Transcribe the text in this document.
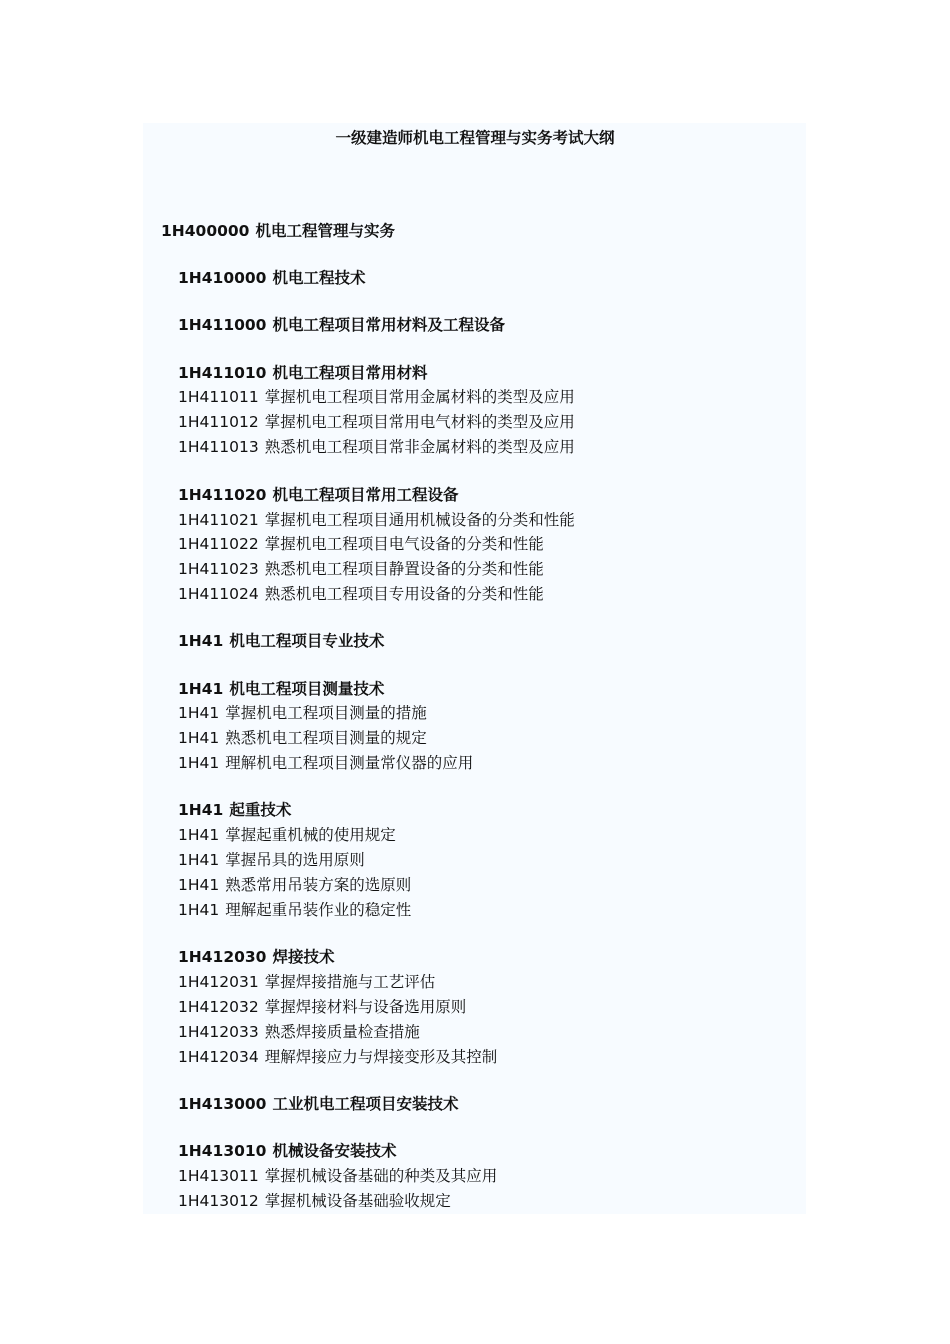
一级建造师机电工程管理与实务考试大纲
1H400000 机电工程管理与实务
1H410000 机电工程技术
1H411000 机电工程项目常用材料及工程设备
1H411010 机电工程项目常用材料
1H411011 掌握机电工程项目常用金属材料的类型及应用
1H411012 掌握机电工程项目常用电气材料的类型及应用
1H411013 熟悉机电工程项目常非金属材料的类型及应用
1H411020 机电工程项目常用工程设备
1H411021 掌握机电工程项目通用机械设备的分类和性能
1H411022 掌握机电工程项目电气设备的分类和性能
1H411023 熟悉机电工程项目静置设备的分类和性能
1H411024 熟悉机电工程项目专用设备的分类和性能
1H41 机电工程项目专业技术
1H41 机电工程项目测量技术
1H41 掌握机电工程项目测量的措施
1H41 熟悉机电工程项目测量的规定
1H41 理解机电工程项目测量常仪器的应用
1H41 起重技术
1H41 掌握起重机械的使用规定
1H41 掌握吊具的选用原则
1H41 熟悉常用吊装方案的选原则
1H41 理解起重吊装作业的稳定性
1H412030 焊接技术
1H412031 掌握焊接措施与工艺评估
1H412032 掌握焊接材料与设备选用原则
1H412033 熟悉焊接质量检查措施
1H412034 理解焊接应力与焊接变形及其控制
1H413000 工业机电工程项目安装技术
1H413010 机械设备安装技术
1H413011 掌握机械设备基础的种类及其应用
1H413012 掌握机械设备基础验收规定
